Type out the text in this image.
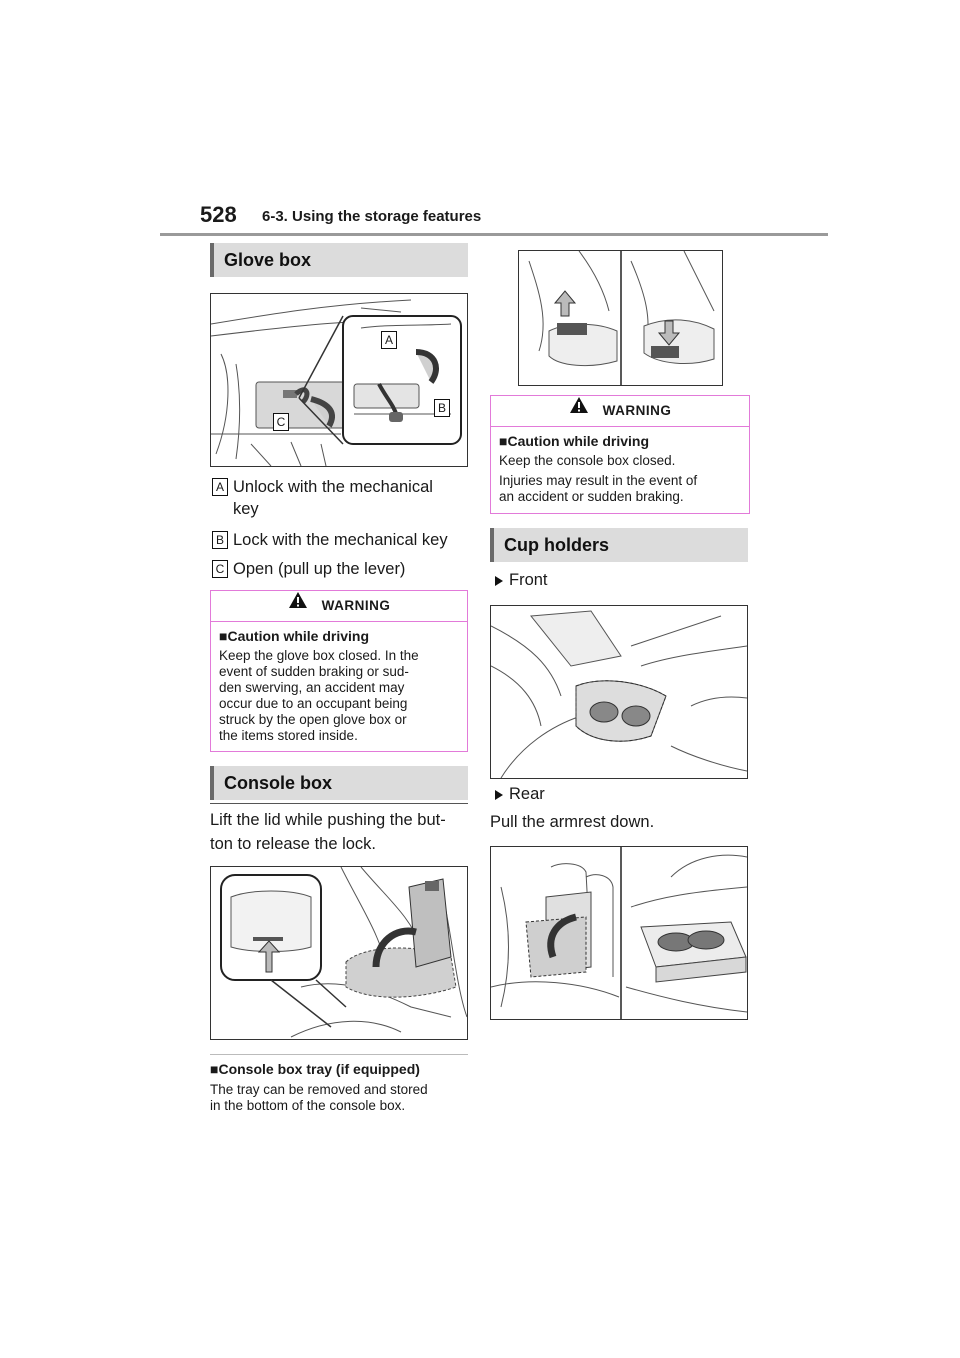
528 6-3. Using the storage features
Glove box
A
B
C
A Unlock with the mechanical
key
B Lock with the mechanical key
C Open (pull up the lever)
WARNING
■Caution while driving
Keep the glove box closed. In the
event of sudden braking or sud-
den swerving, an accident may
occur due to an occupant being
struck by the open glove box or
the items stored inside.
Console box
Lift the lid while pushing the but-
ton to release the lock.
■Console box tray (if equipped)
The tray can be removed and stored
in the bottom of the console box.
WARNING
■Caution while driving
Keep the console box closed.
Injuries may result in the event of
an accident or sudden braking.
Cup holders
Front
Rear
Pull the armrest down.
